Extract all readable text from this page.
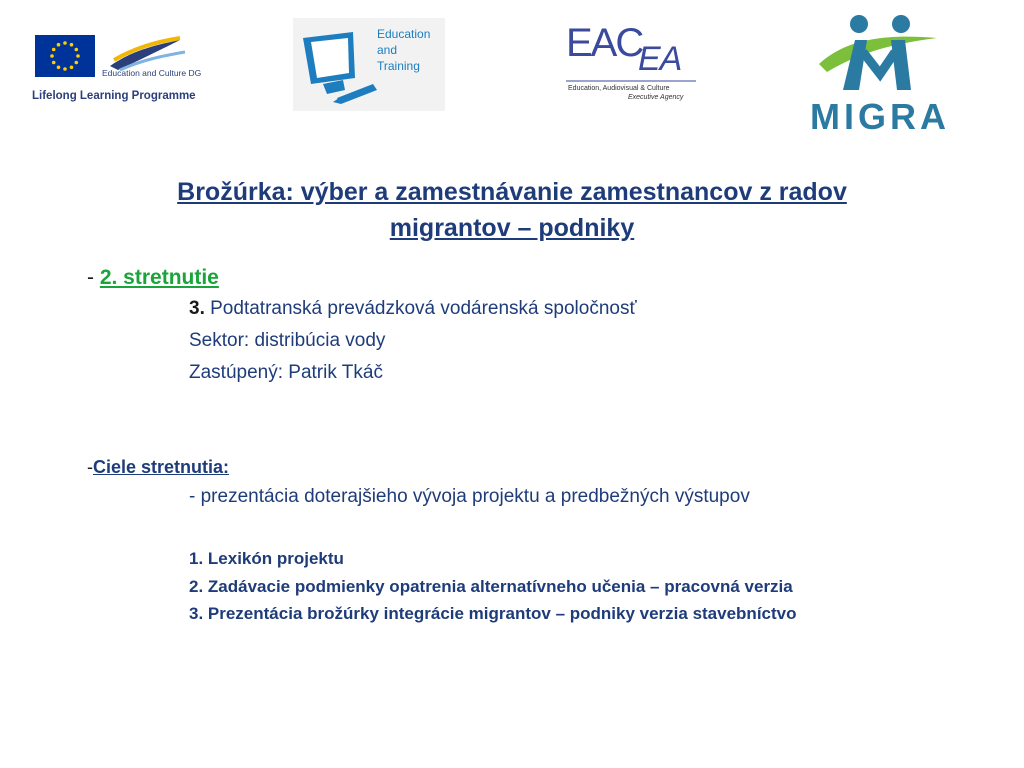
Education and Culture DG
Lifelong Learning Programme
Education
and
Training
EAC
EA
Education, Audiovisual & Culture
Executive Agency	MIGRA
Brožúrka: výber a zamestnávanie zamestnancov z radov
migrantov – podniky
- 2. stretnutie
3. Podtatranská prevádzková vodárenská spoločnosť
Sektor: distribúcia vody
Zastúpený: Patrik Tkáč
-Ciele stretnutia:
- prezentácia doterajšieho vývoja projektu a predbežných výstupov
1. Lexikón projektu
2. Zadávacie podmienky opatrenia alternatívneho učenia – pracovná verzia
3. Prezentácia brožúrky integrácie migrantov – podniky verzia stavebníctvo
